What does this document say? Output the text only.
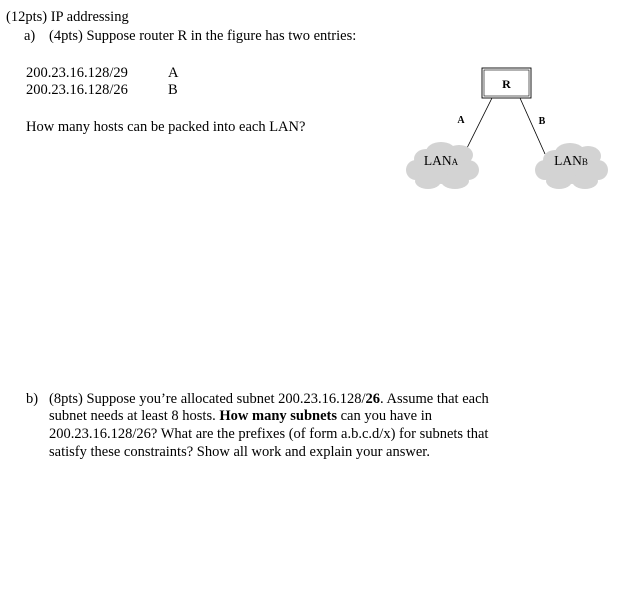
(12pts) IP addressing
a) (4pts) Suppose router R in the figure has two entries:
200.23.16.128/29	A
200.23.16.128/26	B
How many hosts can be packed into each LAN?
R
A	B
LANA	LANB
b) (8pts) Suppose you’re allocated subnet 200.23.16.128/26. Assume that each
subnet needs at least 8 hosts. How many subnets can you have in
200.23.16.128/26? What are the prefixes (of form a.b.c.d/x) for subnets that
satisfy these constraints? Show all work and explain your answer.
